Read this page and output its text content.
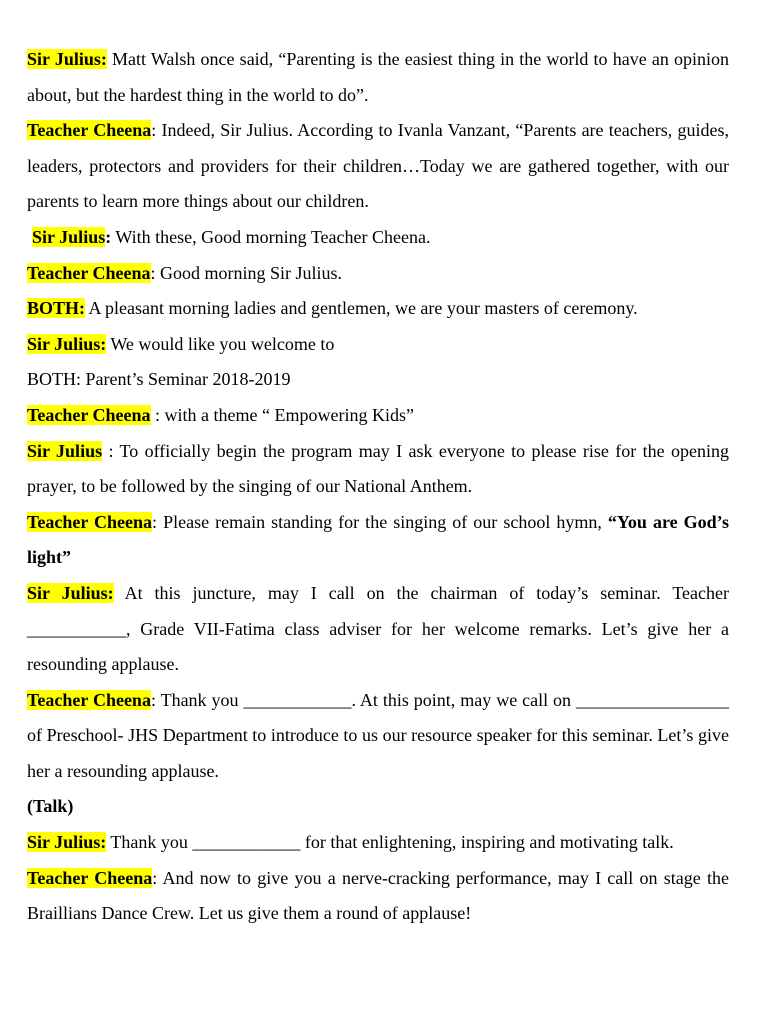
Sir Julius: Matt Walsh once said, “Parenting is the easiest thing in the world to have an opinion about, but the hardest thing in the world to do”.

Teacher Cheena: Indeed, Sir Julius. According to Ivanla Vanzant, “Parents are teachers, guides, leaders, protectors and providers for their children…Today we are gathered together, with our parents to learn more things about our children.

Sir Julius: With these, Good morning Teacher Cheena.

Teacher Cheena: Good morning Sir Julius.

BOTH: A pleasant morning ladies and gentlemen, we are your masters of ceremony.

Sir Julius: We would like you welcome to

BOTH: Parent’s Seminar 2018-2019

Teacher Cheena : with a theme “ Empowering Kids”

Sir Julius : To officially begin the program may I ask everyone to please rise for the opening prayer, to be followed by the singing of our National Anthem.

Teacher Cheena: Please remain standing for the singing of our school hymn, “You are God’s light”

Sir Julius: At this juncture, may I call on the chairman of today’s seminar. Teacher ___________, Grade VII-Fatima class adviser for her welcome remarks. Let’s give her a resounding applause.

Teacher Cheena: Thank you ____________. At this point, may we call on _________________ of Preschool- JHS Department to introduce to us our resource speaker for this seminar. Let’s give her a resounding applause.

(Talk)

Sir Julius: Thank you ____________ for that enlightening, inspiring and motivating talk.

Teacher Cheena: And now to give you a nerve-cracking performance, may I call on stage the Braillians Dance Crew. Let us give them a round of applause!
